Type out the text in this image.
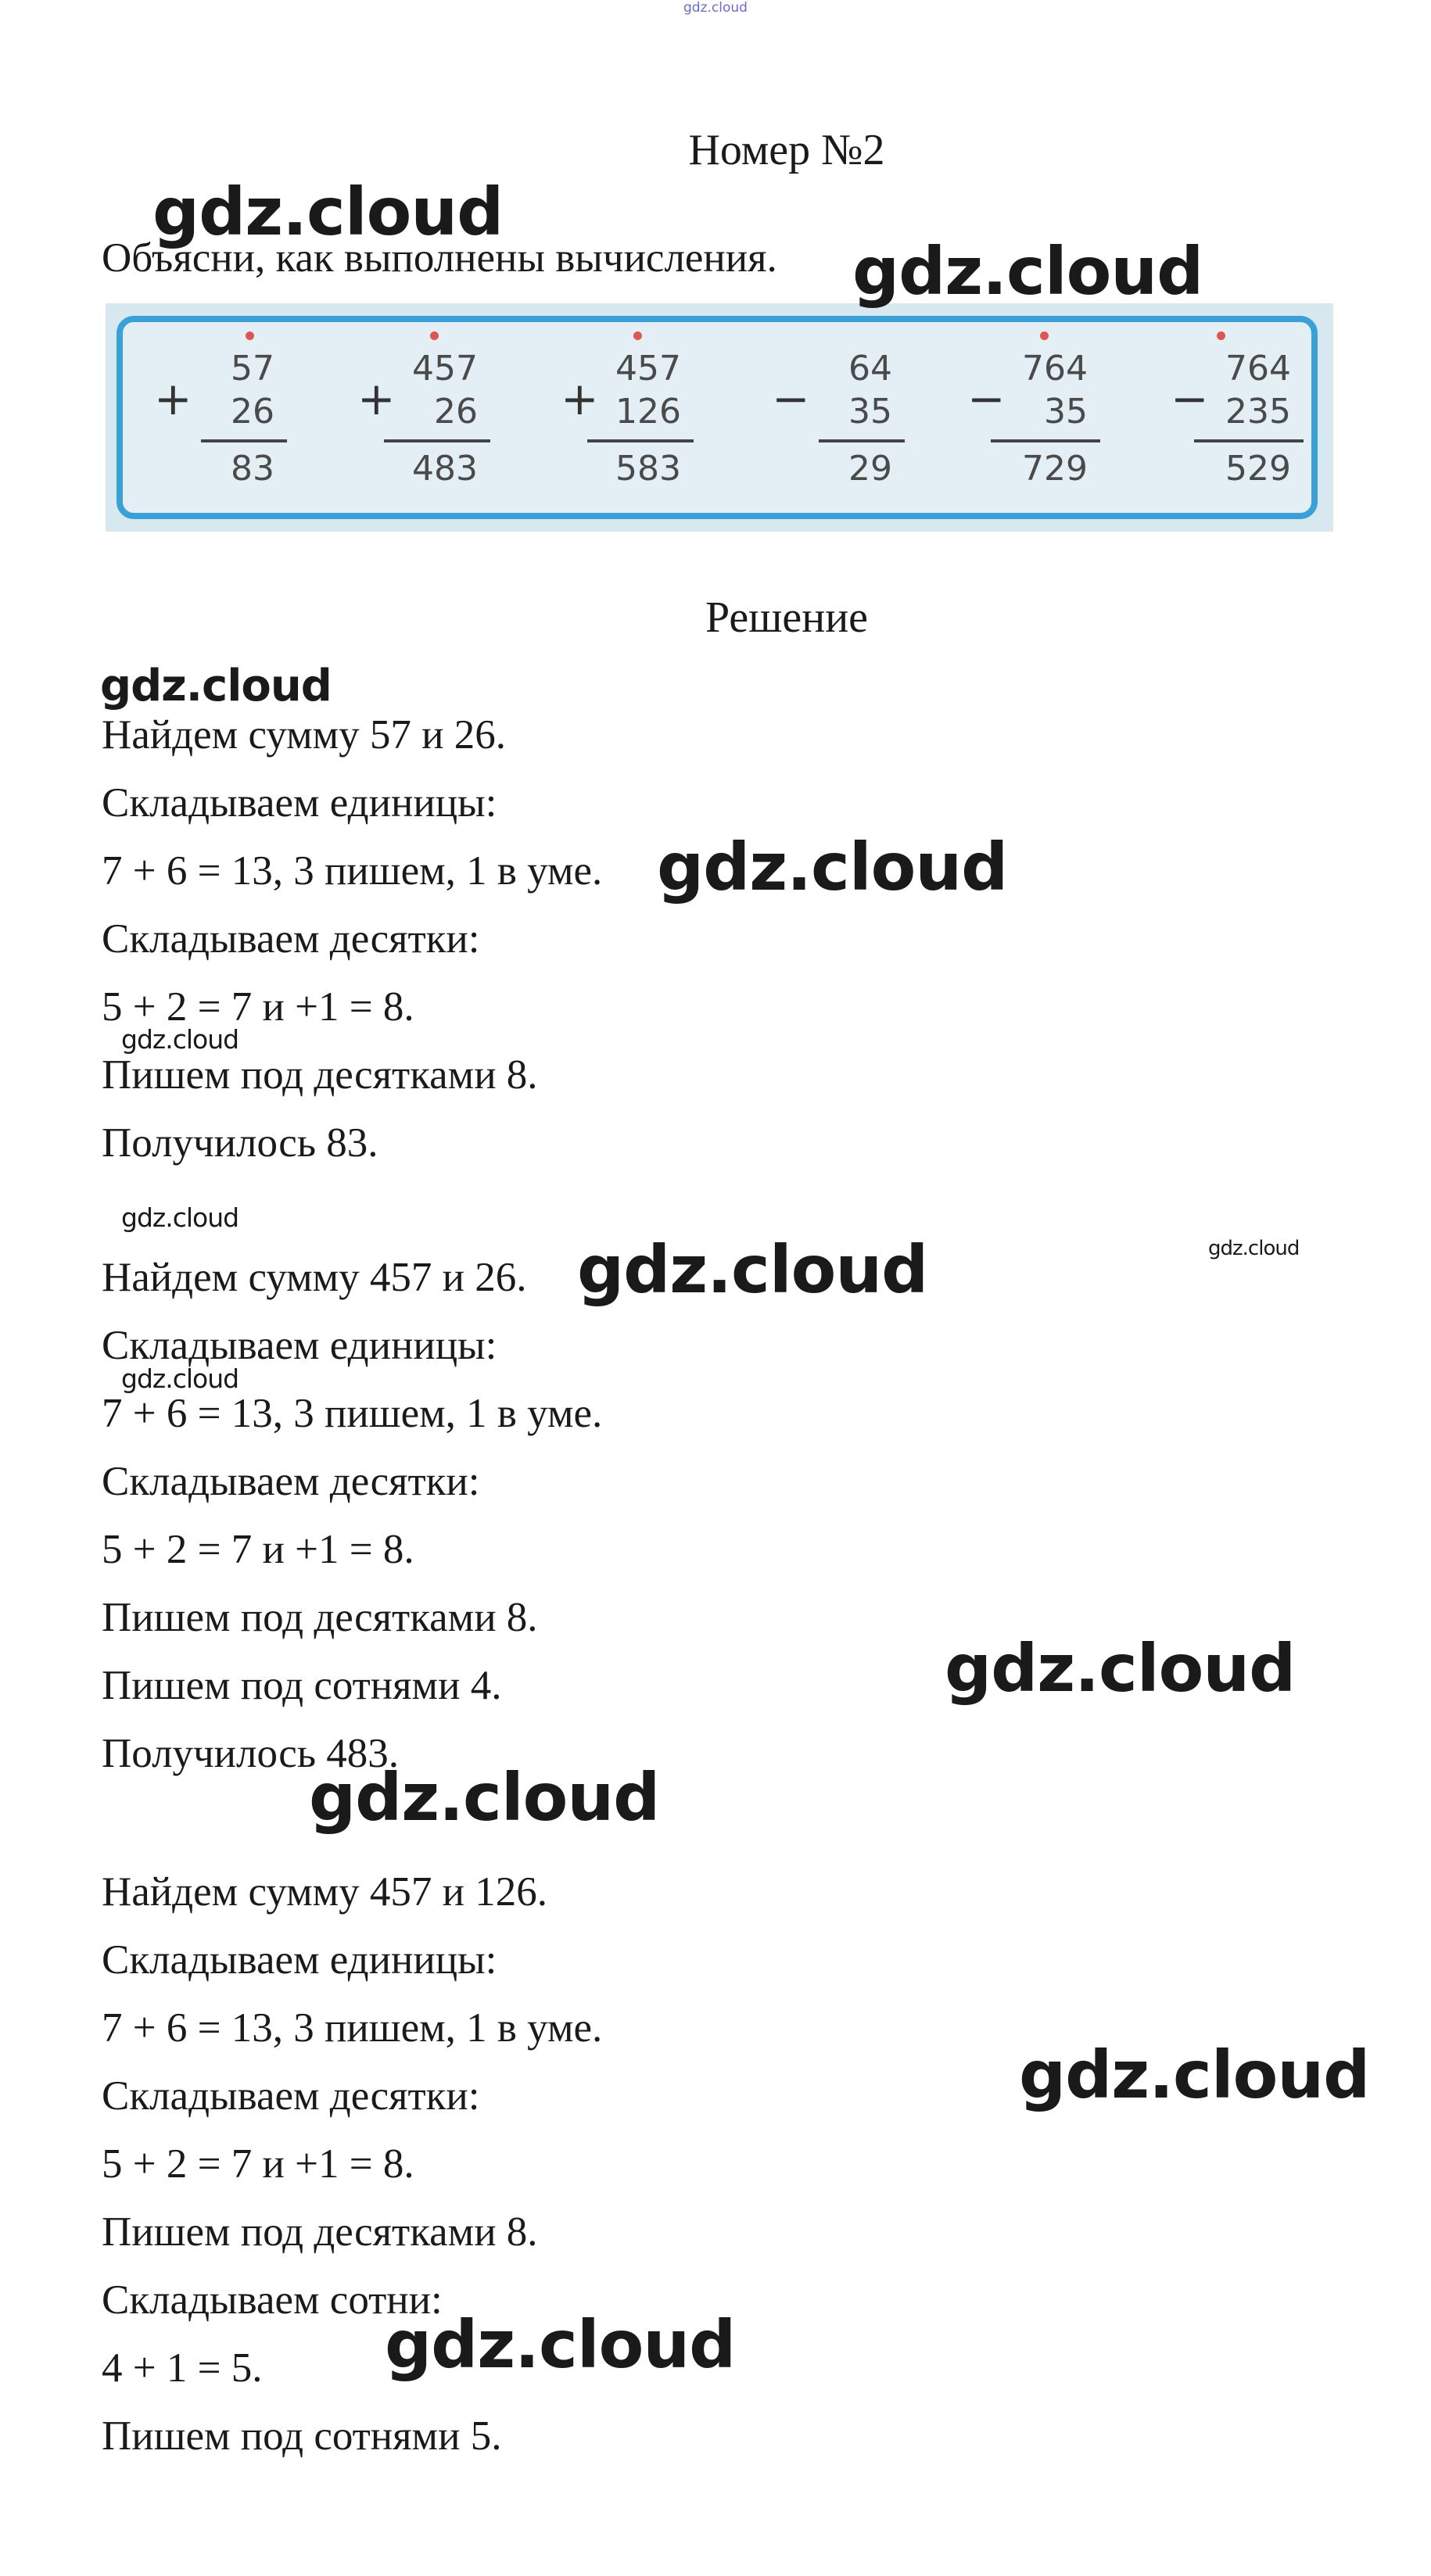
gdz.cloud
Номер №2
Объясни, как выполнены вычисления.
+
57
26
83
+
457
26
483
+
457
126
583
−
64
35
29
−
764
35
729
−
764
235
529
Решение
Найдем сумму 57 и 26.
Складываем единицы:
7 + 6 = 13, 3 пишем, 1 в уме.
Складываем десятки:
5 + 2 = 7 и +1 = 8.
Пишем под десятками 8.
Получилось 83.
Найдем сумму 457 и 26.
Складываем единицы:
7 + 6 = 13, 3 пишем, 1 в уме.
Складываем десятки:
5 + 2 = 7 и +1 = 8.
Пишем под десятками 8.
Пишем под сотнями 4.
Получилось 483.
Найдем сумму 457 и 126.
Складываем единицы:
7 + 6 = 13, 3 пишем, 1 в уме.
Складываем десятки:
5 + 2 = 7 и +1 = 8.
Пишем под десятками 8.
Складываем сотни:
4 + 1 = 5.
Пишем под сотнями 5.
gdz.cloud
gdz.cloud
gdz.cloud
gdz.cloud
gdz.cloud
gdz.cloud
gdz.cloud	gdz.cloud
gdz.cloud
gdz.cloud
gdz.cloud
gdz.cloud
gdz.cloud
